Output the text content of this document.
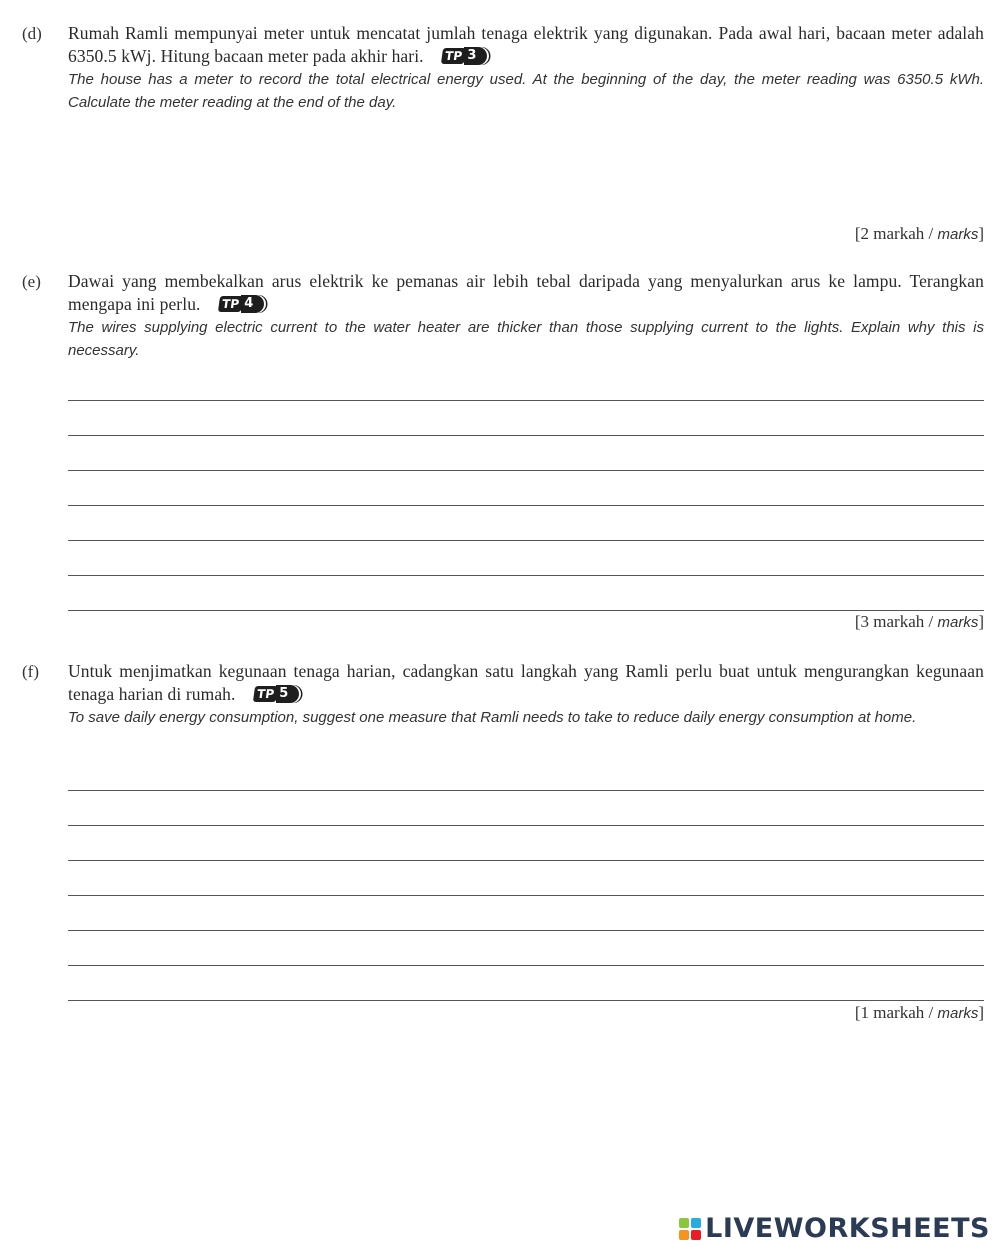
(d) Rumah Ramli mempunyai meter untuk mencatat jumlah tenaga elektrik yang digunakan. Pada awal hari, bacaan meter adalah 6350.5 kWj. Hitung bacaan meter pada akhir hari. TP 3
The house has a meter to record the total electrical energy used. At the beginning of the day, the meter reading was 6350.5 kWh. Calculate the meter reading at the end of the day.
[2 markah / marks]
(e) Dawai yang membekalkan arus elektrik ke pemanas air lebih tebal daripada yang menyalurkan arus ke lampu. Terangkan mengapa ini perlu. TP 4
The wires supplying electric current to the water heater are thicker than those supplying current to the lights. Explain why this is necessary.
[3 markah / marks]
(f) Untuk menjimatkan kegunaan tenaga harian, cadangkan satu langkah yang Ramli perlu buat untuk mengurangkan kegunaan tenaga harian di rumah. TP 5
To save daily energy consumption, suggest one measure that Ramli needs to take to reduce daily energy consumption at home.
[1 markah / marks]
LIVEWORKSHEETS
